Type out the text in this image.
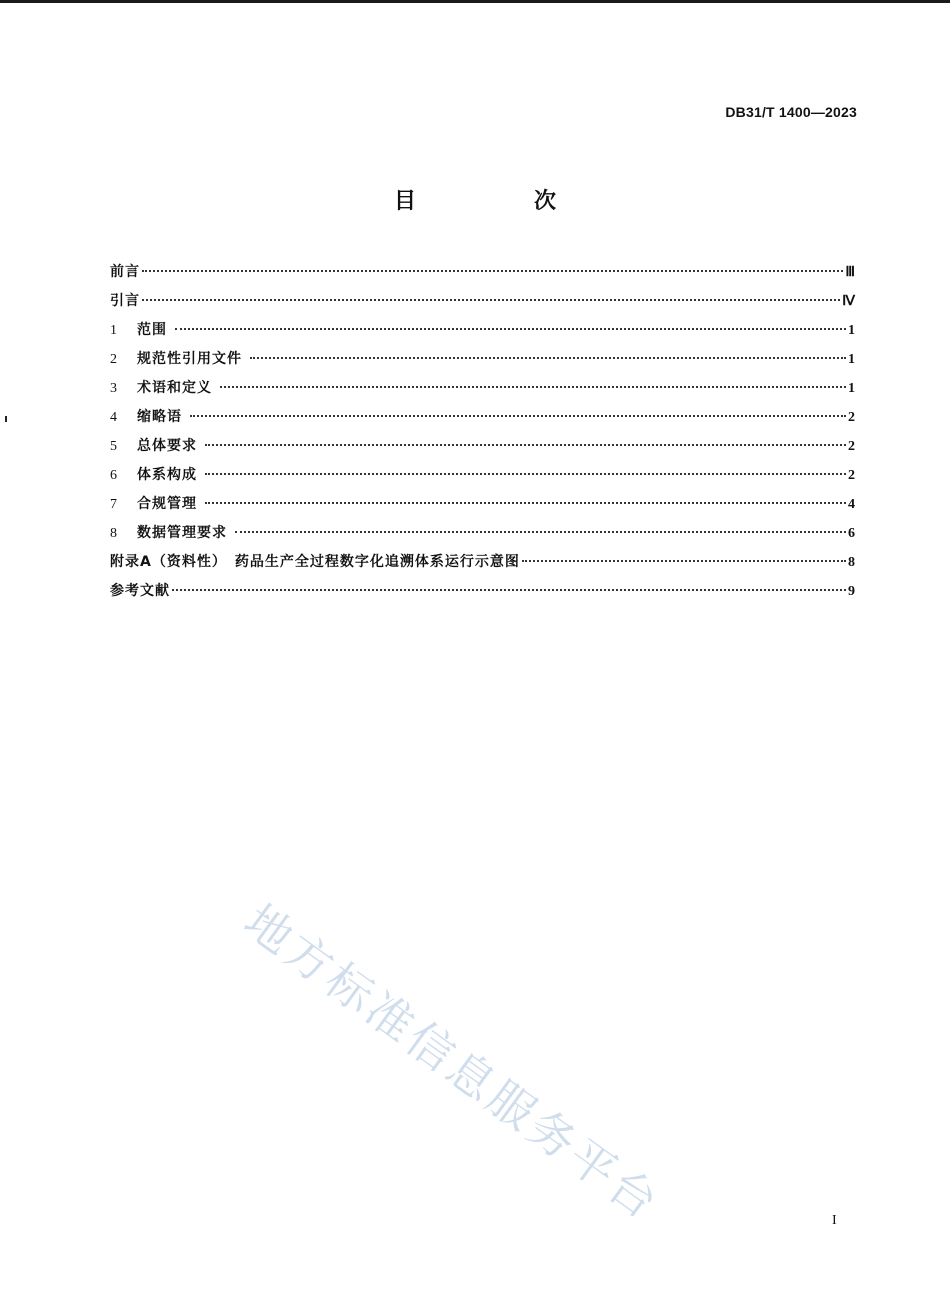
DB31/T 1400—2023
目　次
前言	Ⅲ
引言	Ⅳ
1	范围	1
2	规范性引用文件	1
3	术语和定义	1
4	缩略语	2
5	总体要求	2
6	体系构成	2
7	合规管理	4
8	数据管理要求	6
附录A（资料性）　药品生产全过程数字化追溯体系运行示意图	8
参考文献	9
地方标准信息服务平台	I
